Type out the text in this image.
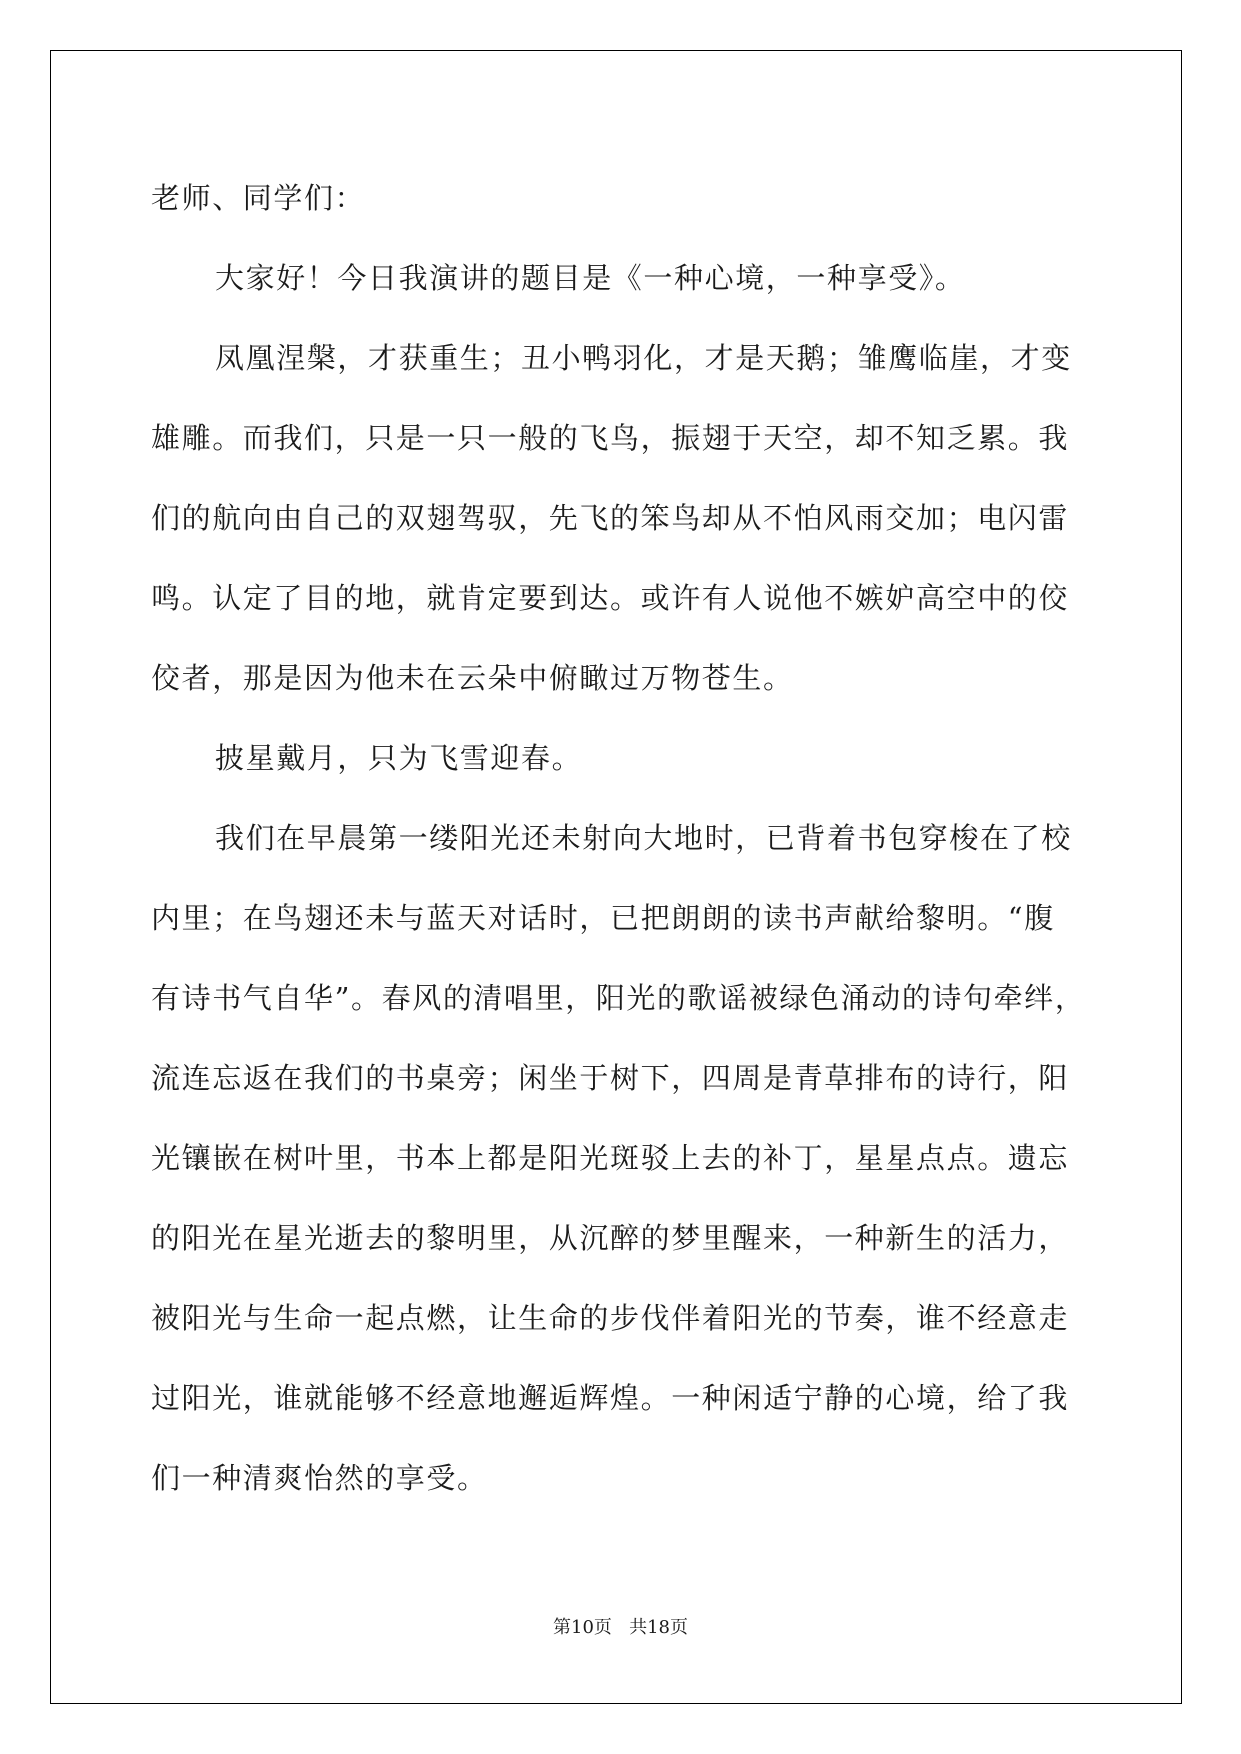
老师、同学们：
大家好！今日我演讲的题目是《一种心境，一种享受》。
凤凰涅槃，才获重生；丑小鸭羽化，才是天鹅；雏鹰临崖，才变
雄雕。而我们，只是一只一般的飞鸟，振翅于天空，却不知乏累。我
们的航向由自己的双翅驾驭，先飞的笨鸟却从不怕风雨交加；电闪雷
鸣。认定了目的地，就肯定要到达。或许有人说他不嫉妒高空中的佼
佼者，那是因为他未在云朵中俯瞰过万物苍生。
披星戴月，只为飞雪迎春。
我们在早晨第一缕阳光还未射向大地时，已背着书包穿梭在了校
内里；在鸟翅还未与蓝天对话时，已把朗朗的读书声献给黎明。“腹
有诗书气自华”。春风的清唱里，阳光的歌谣被绿色涌动的诗句牵绊，
流连忘返在我们的书桌旁；闲坐于树下，四周是青草排布的诗行，阳
光镶嵌在树叶里，书本上都是阳光斑驳上去的补丁，星星点点。遗忘
的阳光在星光逝去的黎明里，从沉醉的梦里醒来，一种新生的活力，
被阳光与生命一起点燃，让生命的步伐伴着阳光的节奏，谁不经意走
过阳光，谁就能够不经意地邂逅辉煌。一种闲适宁静的心境，给了我
们一种清爽怡然的享受。
第10页   共18页
